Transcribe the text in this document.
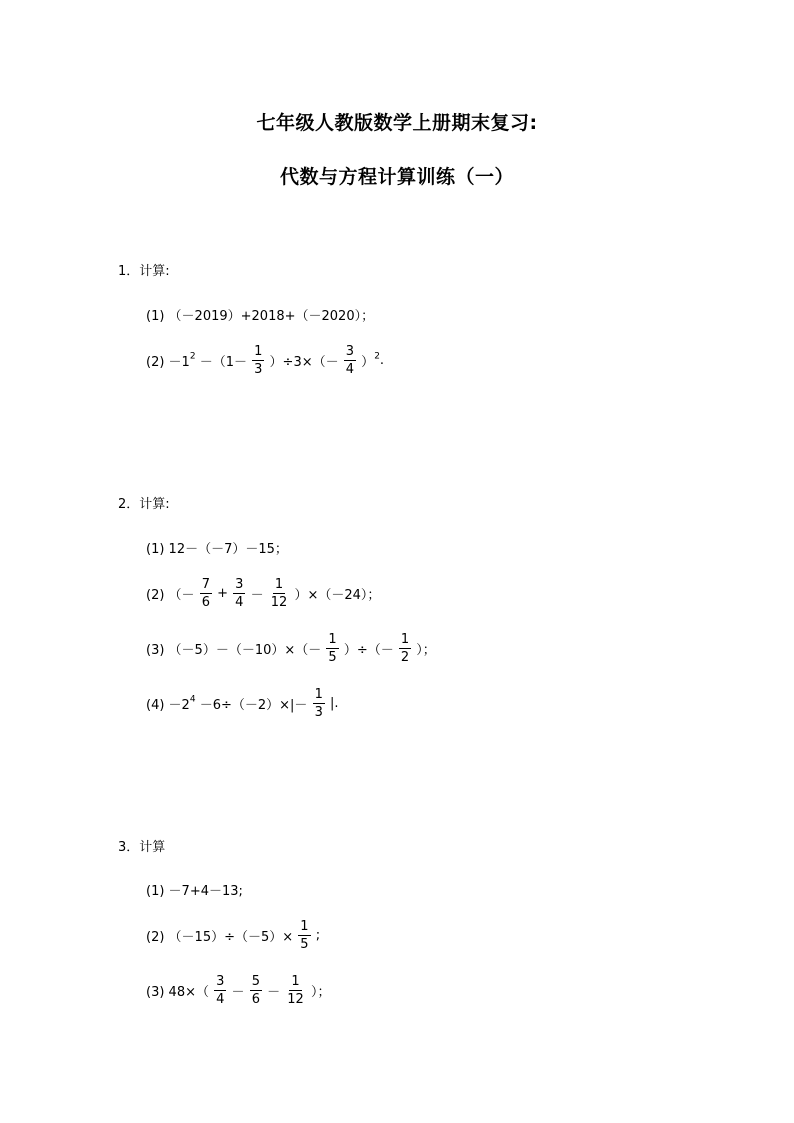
七年级人教版数学上册期末复习:
代数与方程计算训练（一）
1．计算:
(1) （－2019）+2018+（－2020）；
$(2) -1^2 -(1- \frac{1}{3} )\div 3\times(- \frac{3}{4} )^2$.
2．计算:
(1) 12－（－7）－15；
(2) （－ $\frac{7}{6} + \frac{3}{4} - \frac{1}{12} )\times(-24)$；
(3) $(-5)-(-10)\times(- \frac{1}{5}$ ）÷（－ $\frac{1}{2}$ ）；
$(4) -2^4 -6\div(-2)\times|- \frac{1}{3}$ |.
3．计算
(1) －7+4－13;
(2) $(-15)\div(-5)\times \frac{1}{5}$ ;
(3) $48\times( \frac{3}{4} - \frac{5}{6} - \frac{1}{12}$ ）；
